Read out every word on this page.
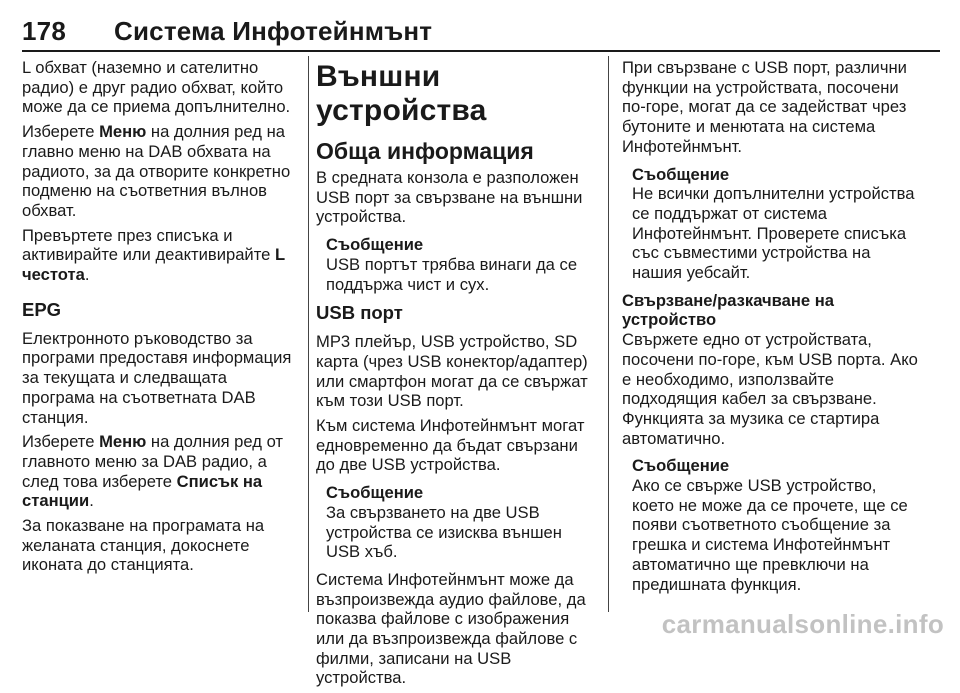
178 Система Инфотейнмънт

L обхват (наземно и сателитно радио) е друг радио обхват, който може да се приема допълнително.

Изберете Меню на долния ред на главно меню на DAB обхвата на радиото, за да отворите конкретно подменю на съответния вълнов обхват.

Превъртете през списъка и активирайте или деактивирайте L честота.

EPG

Електронното ръководство за програми предоставя информация за текущата и следващата програма на съответната DAB станция.

Изберете Меню на долния ред от главното меню за DAB радио, а след това изберете Списък на станции.

За показване на програмата на желаната станция, докоснете иконата до станцията.

Външни устройства
Обща информация

В средната конзола е разположен USB порт за свързване на външни устройства.

Съобщение
USB портът трябва винаги да се поддържа чист и сух.
USB порт

MP3 плейър, USB устройство, SD карта (чрез USB конектор/адаптер) или смартфон могат да се свържат към този USB порт.

Към система Инфотейнмънт могат едновременно да бъдат свързани до две USB устройства.

Съобщение
За свързването на две USB устройства се изисква външен USB хъб.

Система Инфотейнмънт може да възпроизвежда аудио файлове, да показва файлове с изображения или да възпроизвежда файлове с филми, записани на USB устройства.

При свързване с USB порт, различни функции на устройствата, посочени по-горе, могат да се задействат чрез бутоните и менютата на система Инфотейнмънт.

Съобщение
Не всички допълнителни устройства се поддържат от система Инфотейнмънт. Проверете списъка със съвместими устройства на нашия уебсайт.
Свързване/разкачване на устройство

Свържете едно от устройствата, посочени по-горе, към USB порта. Ако е необходимо, използвайте подходящия кабел за свързване. Функцията за музика се стартира автоматично.

Съобщение
Ако се свърже USB устройство, което не може да се прочете, ще се появи съответното съобщение за грешка и система Инфотейнмънт автоматично ще превключи на предишната функция.
carmanualsonline.info
